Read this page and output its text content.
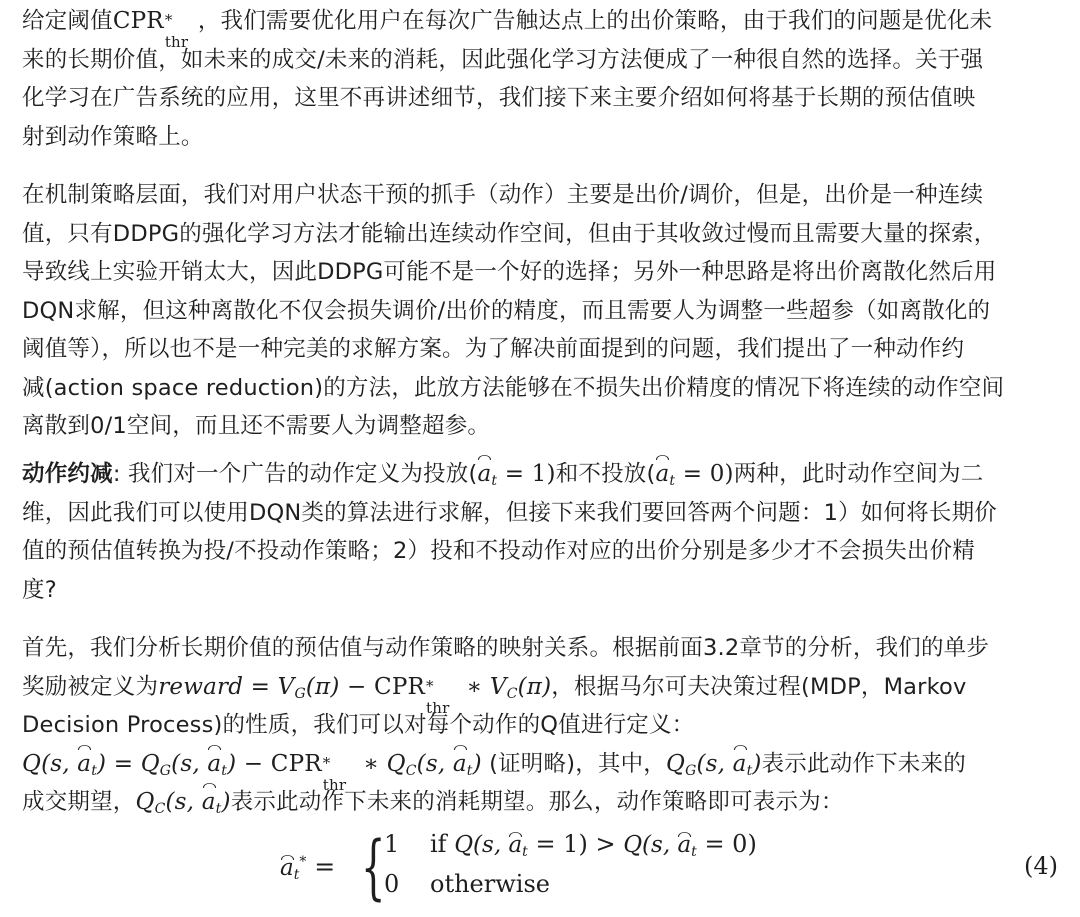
给定阈值CPR *
thr
，我们需要优化用户在每次广告触达点上的出价策略，由于我们的问题是优化未
来的长期价值，如未来的成交/未来的消耗，因此强化学习方法便成了一种很自然的选择。关于强
化学习在广告系统的应用，这里不再讲述细节，我们接下来主要介绍如何将基于长期的预估值映
射到动作策略上。
在机制策略层面，我们对用户状态干预的抓手（动作）主要是出价/调价，但是，出价是一种连续
值，只有DDPG的强化学习方法才能输出连续动作空间，但由于其收敛过慢而且需要大量的探索，
导致线上实验开销太大，因此DDPG可能不是一个好的选择；另外一种思路是将出价离散化然后用
DQN求解，但这种离散化不仅会损失调价/出价的精度，而且需要人为调整一些超参（如离散化的
阈值等），所以也不是一种完美的求解方案。为了解决前面提到的问题，我们提出了一种动作约
减(action space reduction)的方法，此放方法能够在不损失出价精度的情况下将连续的动作空间
离散到0/1空间，而且还不需要人为调整超参。
动作约减: 我们对一个广告的动作定义为投放$(a_t = 1)$和不投放$(a_t = 0)$两种，此时动作空间为二
维，因此我们可以使用DQN类的算法进行求解，但接下来我们要回答两个问题：1）如何将长期价
值的预估值转换为投/不投动作策略；2）投和不投动作对应的出价分别是多少才不会损失出价精
度?
首先，我们分析长期价值的预估值与动作策略的映射关系。根据前面3.2章节的分析，我们的单步
奖励被定义为reward = $V_G(\pi)$ − CPR *
thr
∗ $V_C(\pi)$，根据马尔可夫决策过程(MDP，Markov
Decision Process)的性质，我们可以对每个动作的Q值进行定义：
Q(s, $a_t) = Q_G(s$, $a_t$) − CPR *
thr
∗ $Q_C(s$, $a_t$) (证明略)，其中，$Q_G(s$, $a_t$)表示此动作下未来的
成交期望，$Q_C(s$, $a_t$)表示此动作下未来的消耗期望。那么，动作策略即可表示为：
$a_t^*$ = {
1 if Q(s, $a_t = 1) > Q(s$, $a_t = 0$)
0 otherwise
(4)
